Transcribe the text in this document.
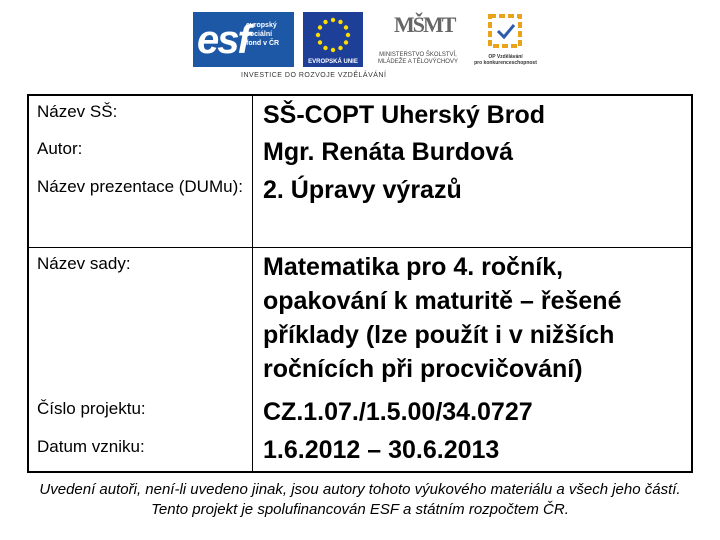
esf
evropský
sociální
fond v ČR
EVROPSKÁ UNIE
MŠMT
MINISTERSTVO ŠKOLSTVÍ,
MLÁDEŽE A TĚLOVÝCHOVY
OP Vzdělávání
pro konkurenceschopnost
INVESTICE DO ROZVOJE VZDĚLÁVÁNÍ
Název SŠ:	SŠ-COPT Uherský Brod
Autor:	Mgr. Renáta Burdová
Název prezentace (DUMu):	2. Úpravy výrazů
Název sady:	Matematika pro 4. ročník, opakování k maturitě – řešené příklady (lze použít i v nižších ročnících při procvičování)
Číslo projektu:	CZ.1.07./1.5.00/34.0727
Datum vzniku:	1.6.2012 – 30.6.2013
Uvedení autoři, není-li uvedeno jinak, jsou autory tohoto výukového materiálu a všech jeho částí. Tento projekt je spolufinancován ESF a státním rozpočtem ČR.
